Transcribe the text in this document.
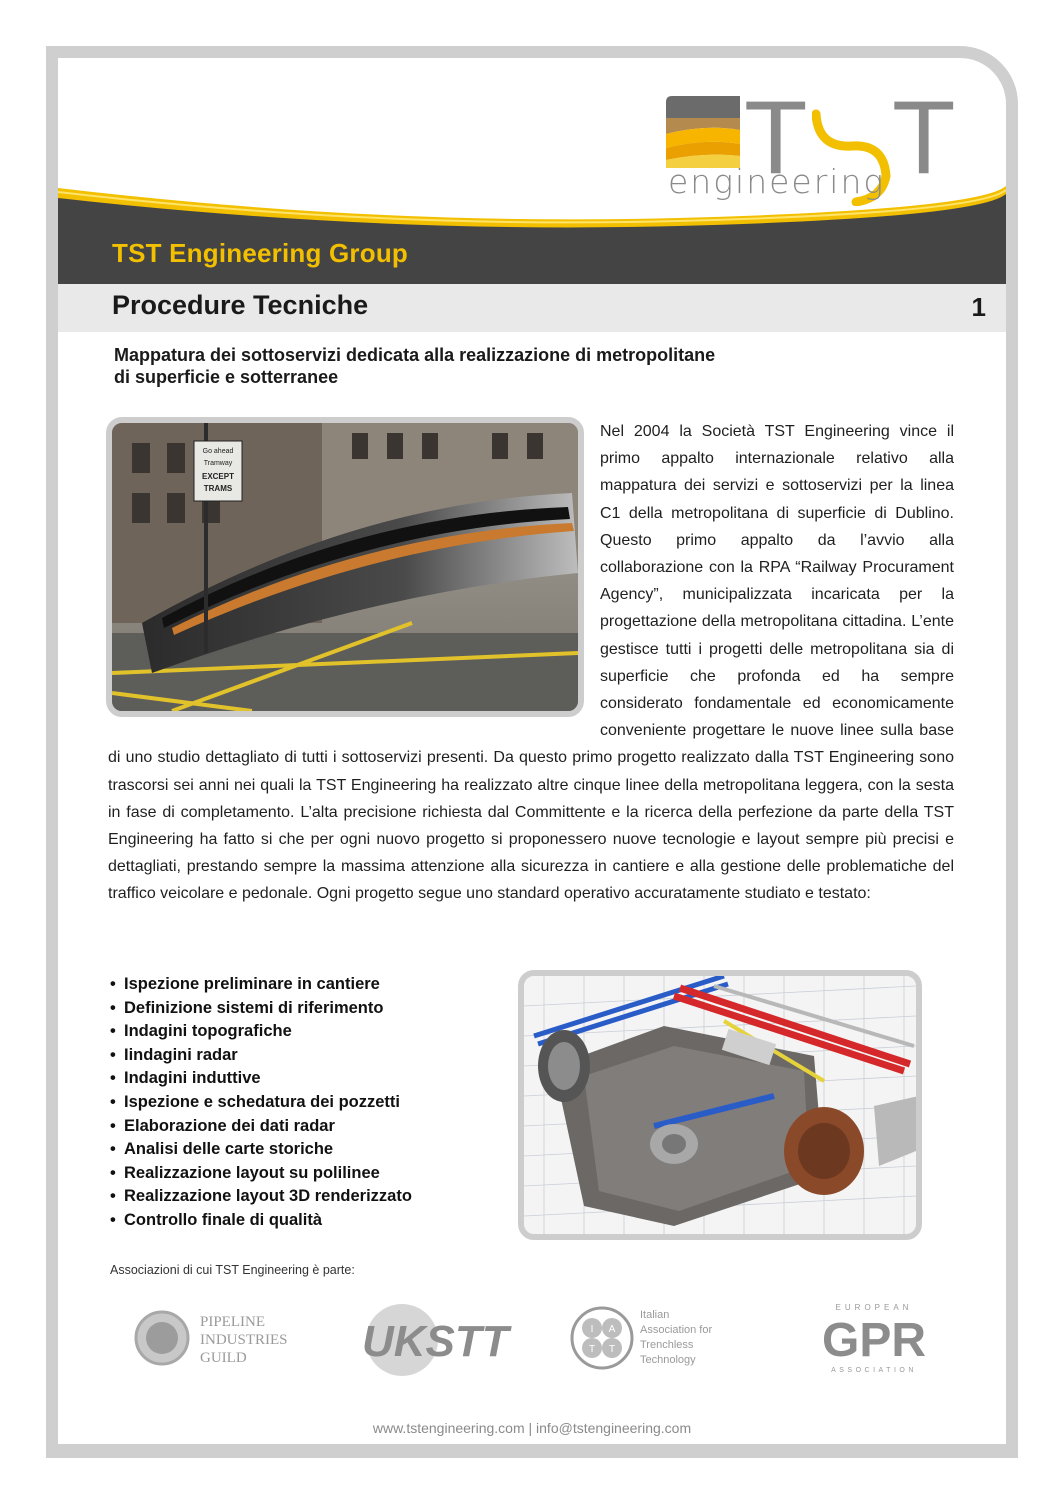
T T
engineering
TST Engineering Group
Procedure Tecniche	1
Mappatura dei sottoservizi dedicata alla realizzazione di metropolitane di superficie e sotterranee
Go ahead
Tramway
EXCEPT
TRAMS
Nel 2004 la Società TST Engineering vince il primo appalto internazionale relativo alla mappatura dei servizi e sottoservizi per la linea C1 della metropolitana di superficie di Dublino. Questo primo appalto da l’avvio alla collaborazione con la RPA “Railway Procurament Agency”, municipalizzata incaricata per la progettazione della metropolitana cittadina. L’ente gestisce tutti i progetti delle metropolitana sia di superficie che profonda ed ha sempre considerato fondamentale ed economicamente conveniente progettare le nuove linee sulla base di uno studio dettagliato di tutti i sottoservizi presenti. Da questo primo progetto realizzato dalla TST Engineering sono trascorsi sei anni nei quali la TST Engineering ha realizzato altre cinque linee della metropolitana leggera, con la sesta in fase di completamento. L’alta precisione richiesta dal Committente e la ricerca della perfezione da parte della TST Engineering ha fatto si che per ogni nuovo progetto si proponessero nuove tecnologie e layout sempre più precisi e dettagliati, prestando sempre la massima attenzione alla sicurezza in cantiere e alla gestione delle problematiche del traffico veicolare e pedonale. Ogni progetto segue uno standard operativo accuratamente studiato e testato:
• Ispezione preliminare in cantiere
• Definizione sistemi di riferimento
• Indagini topografiche
• Iindagini radar
• Indagini induttive
• Ispezione e schedatura dei pozzetti
• Elaborazione dei dati radar
• Analisi delle carte storiche
• Realizzazione layout su polilinee
• Realizzazione layout 3D renderizzato
• Controllo finale di qualità
Associazioni di cui TST Engineering è parte:
PIPELINE
INDUSTRIES
GUILD	UKSTT	I A
T T
Italian
Association for
Trenchless
Technology
EUROPEAN
GPR
ASSOCIATION
www.tstengineering.com | info@tstengineering.com
